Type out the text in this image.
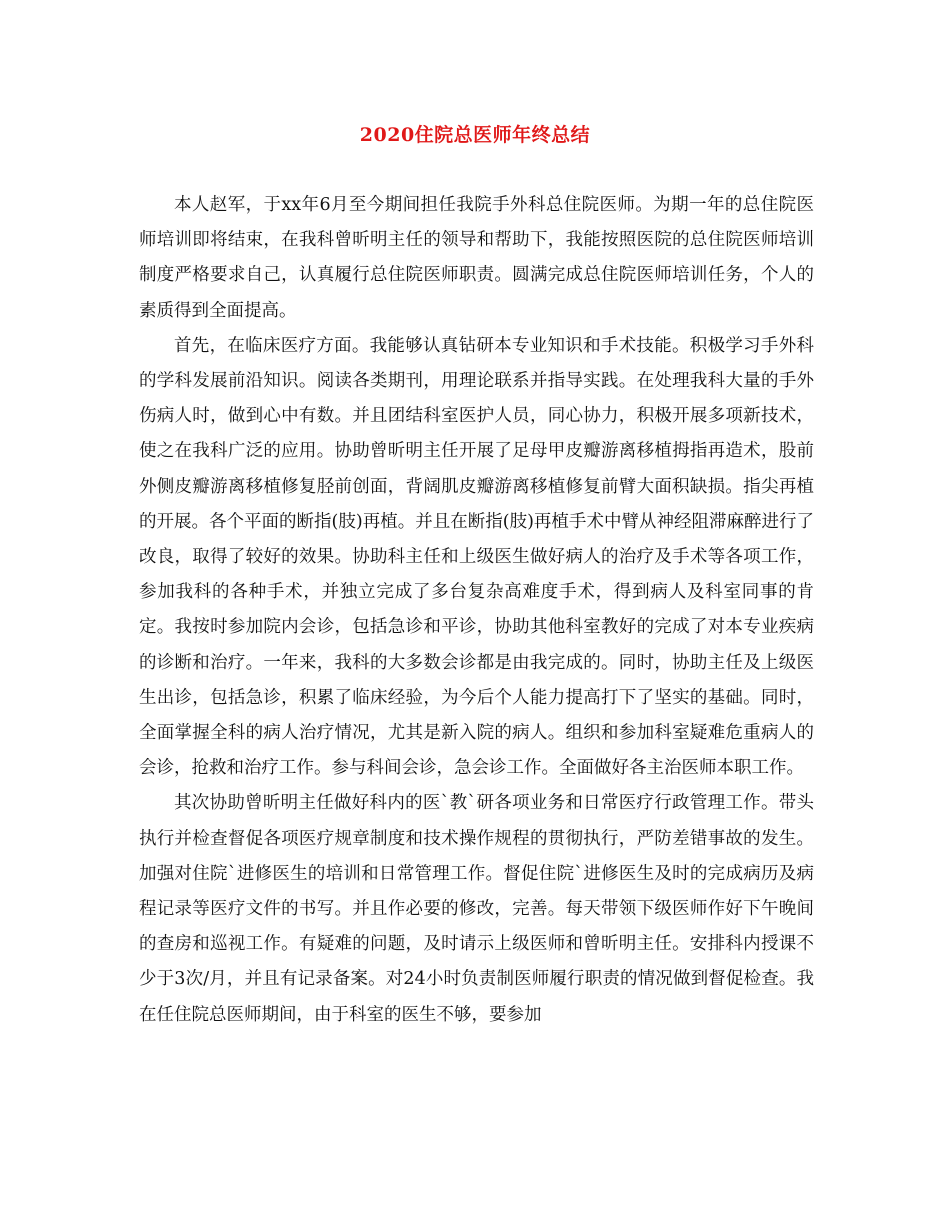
2020住院总医师年终总结

本人赵军，于xx年6月至今期间担任我院手外科总住院医师。为期一年的总住院医师培训即将结束，在我科曾昕明主任的领导和帮助下，我能按照医院的总住院医师培训制度严格要求自己，认真履行总住院医师职责。圆满完成总住院医师培训任务，个人的素质得到全面提高。

首先，在临床医疗方面。我能够认真钻研本专业知识和手术技能。积极学习手外科的学科发展前沿知识。阅读各类期刊，用理论联系并指导实践。在处理我科大量的手外伤病人时，做到心中有数。并且团结科室医护人员，同心协力，积极开展多项新技术，使之在我科广泛的应用。协助曾昕明主任开展了足母甲皮瓣游离移植拇指再造术，股前外侧皮瓣游离移植修复胫前创面，背阔肌皮瓣游离移植修复前臂大面积缺损。指尖再植的开展。各个平面的断指(肢)再植。并且在断指(肢)再植手术中臂从神经阻滞麻醉进行了改良，取得了较好的效果。协助科主任和上级医生做好病人的治疗及手术等各项工作，参加我科的各种手术，并独立完成了多台复杂高难度手术，得到病人及科室同事的肯定。我按时参加院内会诊，包括急诊和平诊，协助其他科室教好的完成了对本专业疾病的诊断和治疗。一年来，我科的大多数会诊都是由我完成的。同时，协助主任及上级医生出诊，包括急诊，积累了临床经验，为今后个人能力提高打下了坚实的基础。同时，全面掌握全科的病人治疗情况，尤其是新入院的病人。组织和参加科室疑难危重病人的会诊，抢救和治疗工作。参与科间会诊，急会诊工作。全面做好各主治医师本职工作。

其次协助曾昕明主任做好科内的医`教`研各项业务和日常医疗行政管理工作。带头执行并检查督促各项医疗规章制度和技术操作规程的贯彻执行，严防差错事故的发生。加强对住院`进修医生的培训和日常管理工作。督促住院`进修医生及时的完成病历及病程记录等医疗文件的书写。并且作必要的修改，完善。每天带领下级医师作好下午晚间的查房和巡视工作。有疑难的问题，及时请示上级医师和曾昕明主任。安排科内授课不少于3次/月，并且有记录备案。对24小时负责制医师履行职责的情况做到督促检查。我在任住院总医师期间，由于科室的医生不够，要参加
